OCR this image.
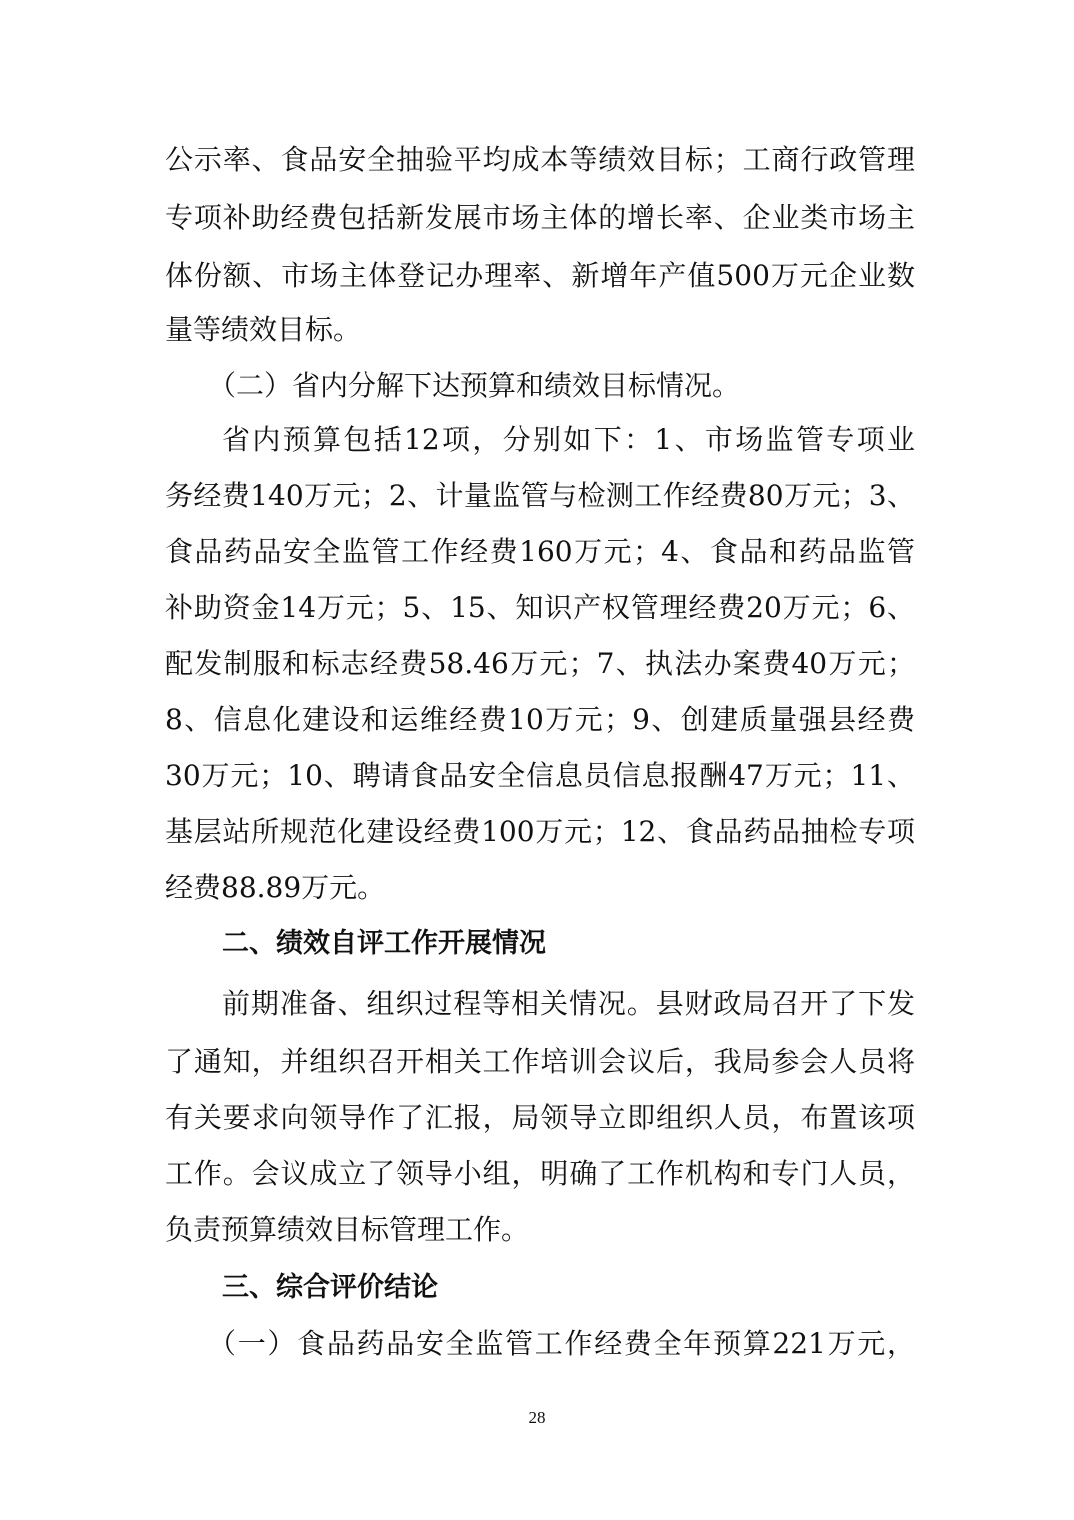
公示率、食品安全抽验平均成本等绩效目标；工商行政管理
专项补助经费包括新发展市场主体的增长率、企业类市场主
体份额、市场主体登记办理率、新增年产值500万元企业数
量等绩效目标。
（二）省内分解下达预算和绩效目标情况。
省内预算包括12项，分别如下：1、市场监管专项业
务经费140万元；2、计量监管与检测工作经费80万元；3、
食品药品安全监管工作经费160万元；4、食品和药品监管
补助资金14万元；5、15、知识产权管理经费20万元；6、
配发制服和标志经费58.46万元；7、执法办案费40万元；
8、信息化建设和运维经费10万元；9、创建质量强县经费
30万元；10、聘请食品安全信息员信息报酬47万元；11、
基层站所规范化建设经费100万元；12、食品药品抽检专项
经费88.89万元。
二、绩效自评工作开展情况
前期准备、组织过程等相关情况。县财政局召开了下发
了通知，并组织召开相关工作培训会议后，我局参会人员将
有关要求向领导作了汇报，局领导立即组织人员，布置该项
工作。会议成立了领导小组，明确了工作机构和专门人员，
负责预算绩效目标管理工作。
三、综合评价结论
（一）食品药品安全监管工作经费全年预算221万元，
28
